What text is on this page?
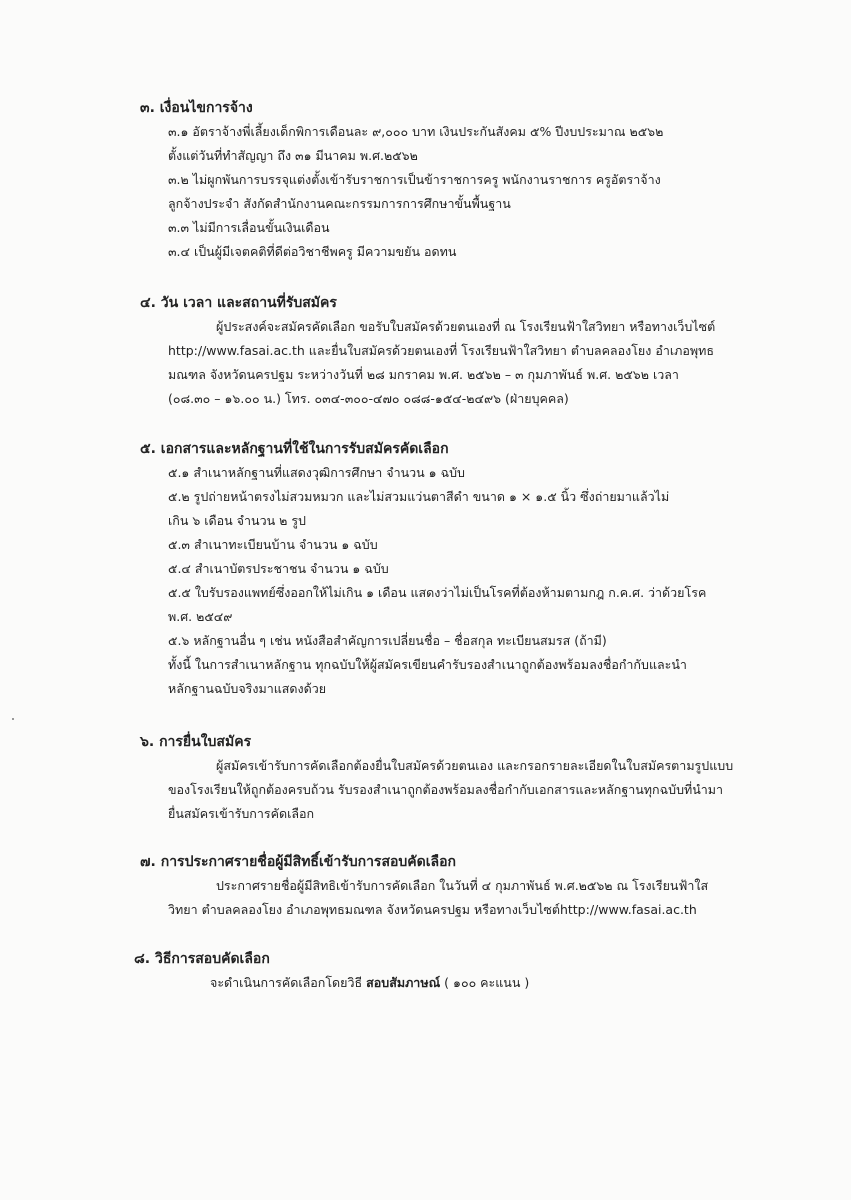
๓. เงื่อนไขการจ้าง
๓.๑ อัตราจ้างพี่เลี้ยงเด็กพิการเดือนละ ๙,๐๐๐ บาท เงินประกันสังคม ๕% ปีงบประมาณ ๒๕๖๒
ตั้งแต่วันที่ทำสัญญา ถึง ๓๑ มีนาคม พ.ศ.๒๕๖๒
๓.๒ ไม่ผูกพันการบรรจุแต่งตั้งเข้ารับราชการเป็นข้าราชการครู พนักงานราชการ ครูอัตราจ้าง
ลูกจ้างประจำ สังกัดสำนักงานคณะกรรมการการศึกษาขั้นพื้นฐาน
๓.๓ ไม่มีการเลื่อนขั้นเงินเดือน
๓.๔ เป็นผู้มีเจตคติที่ดีต่อวิชาชีพครู มีความขยัน อดทน
๔. วัน เวลา และสถานที่รับสมัคร
ผู้ประสงค์จะสมัครคัดเลือก ขอรับใบสมัครด้วยตนเองที่ ณ โรงเรียนฟ้าใสวิทยา หรือทางเว็บไซต์
http://www.fasai.ac.th และยื่นใบสมัครด้วยตนเองที่ โรงเรียนฟ้าใสวิทยา ตำบลคลองโยง อำเภอพุทธ
มณฑล จังหวัดนครปฐม ระหว่างวันที่ ๒๘ มกราคม พ.ศ. ๒๕๖๒ – ๓ กุมภาพันธ์ พ.ศ. ๒๕๖๒ เวลา
(๐๘.๓๐ – ๑๖.๐๐ น.) โทร. ๐๓๔-๓๐๐-๔๗๐ ๐๘๘-๑๕๔-๒๔๙๖ (ฝ่ายบุคคล)
๕. เอกสารและหลักฐานที่ใช้ในการรับสมัครคัดเลือก
๕.๑ สำเนาหลักฐานที่แสดงวุฒิการศึกษา จำนวน ๑ ฉบับ
๕.๒ รูปถ่ายหน้าตรงไม่สวมหมวก และไม่สวมแว่นตาสีดำ ขนาด ๑ × ๑.๕ นิ้ว ซึ่งถ่ายมาแล้วไม่
เกิน ๖ เดือน จำนวน ๒ รูป
๕.๓ สำเนาทะเบียนบ้าน จำนวน ๑ ฉบับ
๕.๔ สำเนาบัตรประชาชน จำนวน ๑ ฉบับ
๕.๕ ใบรับรองแพทย์ซึ่งออกให้ไม่เกิน ๑ เดือน แสดงว่าไม่เป็นโรคที่ต้องห้ามตามกฎ ก.ค.ศ. ว่าด้วยโรค
พ.ศ. ๒๕๔๙
๕.๖ หลักฐานอื่น ๆ เช่น หนังสือสำคัญการเปลี่ยนชื่อ – ชื่อสกุล ทะเบียนสมรส (ถ้ามี)
ทั้งนี้ ในการสำเนาหลักฐาน ทุกฉบับให้ผู้สมัครเขียนคำรับรองสำเนาถูกต้องพร้อมลงชื่อกำกับและนำ
หลักฐานฉบับจริงมาแสดงด้วย
๖. การยื่นใบสมัคร
ผู้สมัครเข้ารับการคัดเลือกต้องยื่นใบสมัครด้วยตนเอง และกรอกรายละเอียดในใบสมัครตามรูปแบบ
ของโรงเรียนให้ถูกต้องครบถ้วน รับรองสำเนาถูกต้องพร้อมลงชื่อกำกับเอกสารและหลักฐานทุกฉบับที่นำมา
ยื่นสมัครเข้ารับการคัดเลือก
๗. การประกาศรายชื่อผู้มีสิทธิ์เข้ารับการสอบคัดเลือก
ประกาศรายชื่อผู้มีสิทธิเข้ารับการคัดเลือก ในวันที่ ๔ กุมภาพันธ์ พ.ศ.๒๕๖๒ ณ โรงเรียนฟ้าใส
วิทยา ตำบลคลองโยง อำเภอพุทธมณฑล จังหวัดนครปฐม หรือทางเว็บไซต์http://www.fasai.ac.th
๘. วิธีการสอบคัดเลือก
จะดำเนินการคัดเลือกโดยวิธี สอบสัมภาษณ์ ( ๑๐๐ คะแนน )
